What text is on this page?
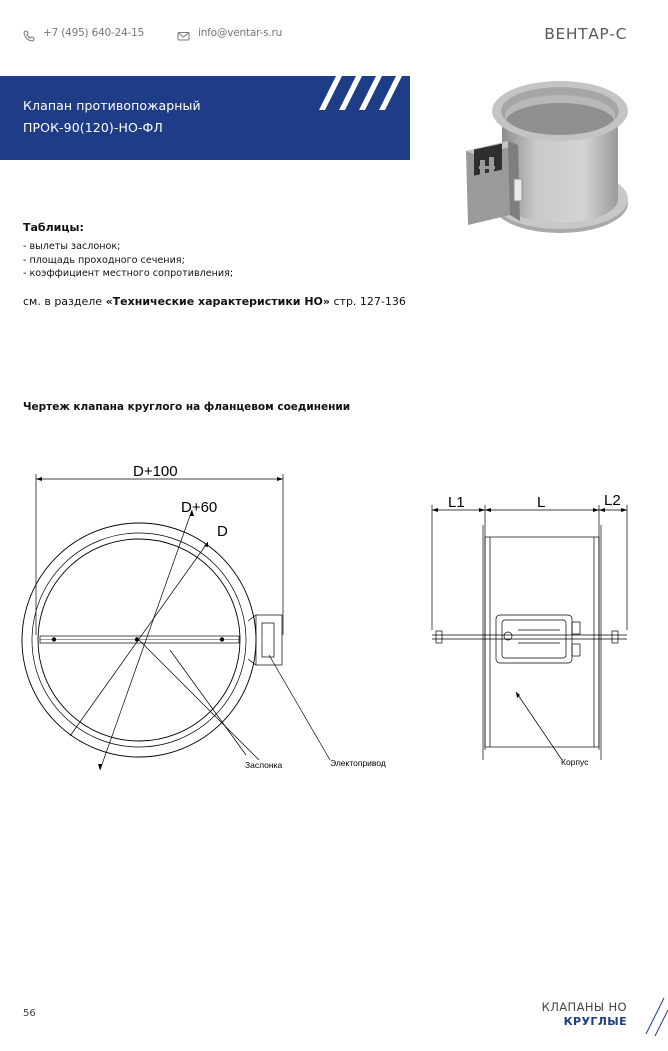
+7 (495) 640-24-15	info@ventar-s.ru	ВЕНТАР-С
Клапан противопожарный
ПРОК-90(120)-НО-ФЛ
Таблицы:
- вылеты заслонок;
- площадь проходного сечения;
- коэффициент местного сопротивления;
см. в разделе «Технические характеристики НО» стр. 127-136
Чертеж клапана круглого на фланцевом соединении
D+100
D+60
D
Заслонка	Электопривод
L1	L	L2
Корпус
56	КЛАПАНЫ НО
КРУГЛЫЕ
